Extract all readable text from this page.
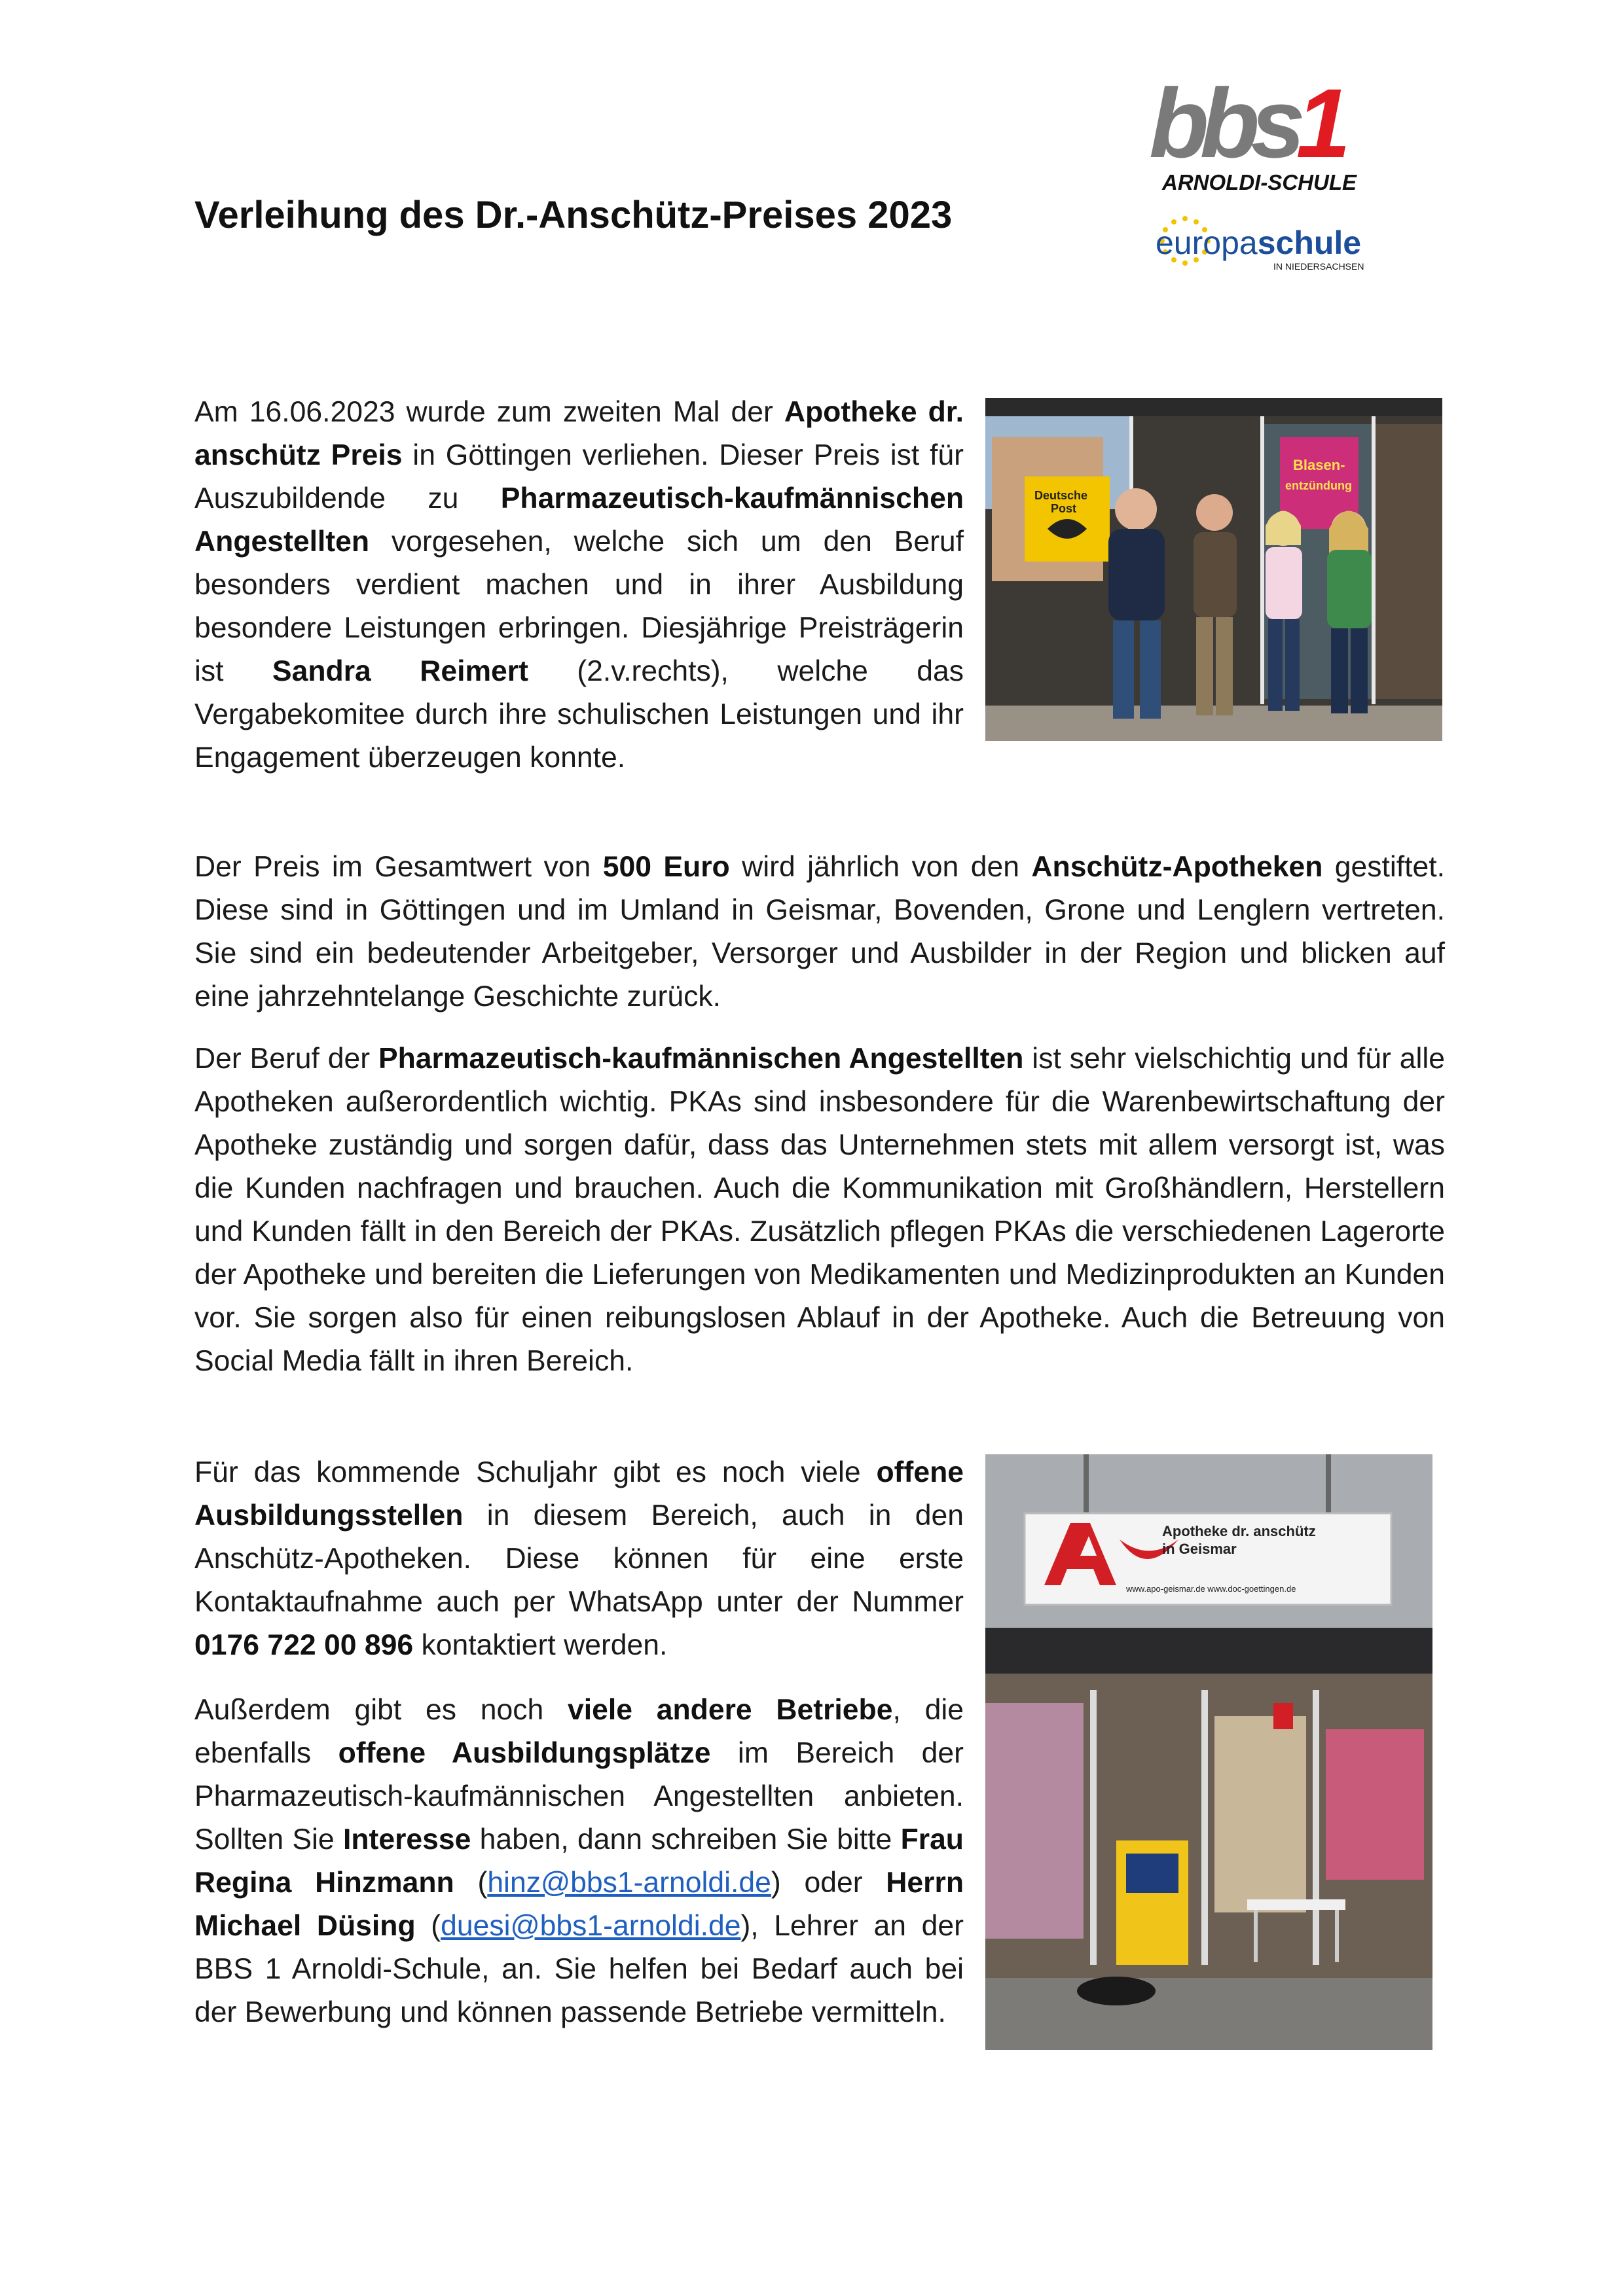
Verleihung des Dr.-Anschütz-Preises 2023
bbs1
ARNOLDI-SCHULE
europaschule
IN NIEDERSACHSEN

Am 16.06.2023 wurde zum zweiten Mal der Apotheke dr. anschütz Preis in Göttingen verliehen. Dieser Preis ist für Auszubildende zu Pharmazeutisch-kaufmännischen Angestellten vorgesehen, welche sich um den Beruf besonders verdient machen und in ihrer Ausbildung besondere Leistungen erbringen. Diesjährige Preisträgerin ist Sandra Reimert (2.v.rechts), welche das Vergabekomitee durch ihre schulischen Leistungen und ihr Engagement überzeugen konnte.

Blasen-
entzündung
Deutsche
Post

Der Preis im Gesamtwert von 500 Euro wird jährlich von den Anschütz-Apotheken gestiftet. Diese sind in Göttingen und im Umland in Geismar, Bovenden, Grone und Lenglern vertreten. Sie sind ein bedeutender Arbeitgeber, Versorger und Ausbilder in der Region und blicken auf eine jahrzehntelange Geschichte zurück.

Der Beruf der Pharmazeutisch-kaufmännischen Angestellten ist sehr vielschichtig und für alle Apotheken außerordentlich wichtig. PKAs sind insbesondere für die Warenbewirtschaftung der Apotheke zuständig und sorgen dafür, dass das Unternehmen stets mit allem versorgt ist, was die Kunden nachfragen und brauchen. Auch die Kommunikation mit Großhändlern, Herstellern und Kunden fällt in den Bereich der PKAs. Zusätzlich pflegen PKAs die verschiedenen Lagerorte der Apotheke und bereiten die Lieferungen von Medikamenten und Medizinprodukten an Kunden vor. Sie sorgen also für einen reibungslosen Ablauf in der Apotheke. Auch die Betreuung von Social Media fällt in ihren Bereich.

Für das kommende Schuljahr gibt es noch viele offene Ausbildungsstellen in diesem Bereich, auch in den Anschütz-Apotheken. Diese können für eine erste Kontaktaufnahme auch per WhatsApp unter der Nummer 0176 722 00 896 kontaktiert werden.

Außerdem gibt es noch viele andere Betriebe, die ebenfalls offene Ausbildungsplätze im Bereich der Pharmazeutisch-kaufmännischen Angestellten anbieten. Sollten Sie Interesse haben, dann schreiben Sie bitte Frau Regina Hinzmann (hinz@bbs1-arnoldi.de) oder Herrn Michael Düsing (duesi@bbs1-arnoldi.de), Lehrer an der BBS 1 Arnoldi-Schule, an. Sie helfen bei Bedarf auch bei der Bewerbung und können passende Betriebe vermitteln.

Apotheke dr. anschütz
in Geismar
www.apo-geismar.de www.doc-goettingen.de
